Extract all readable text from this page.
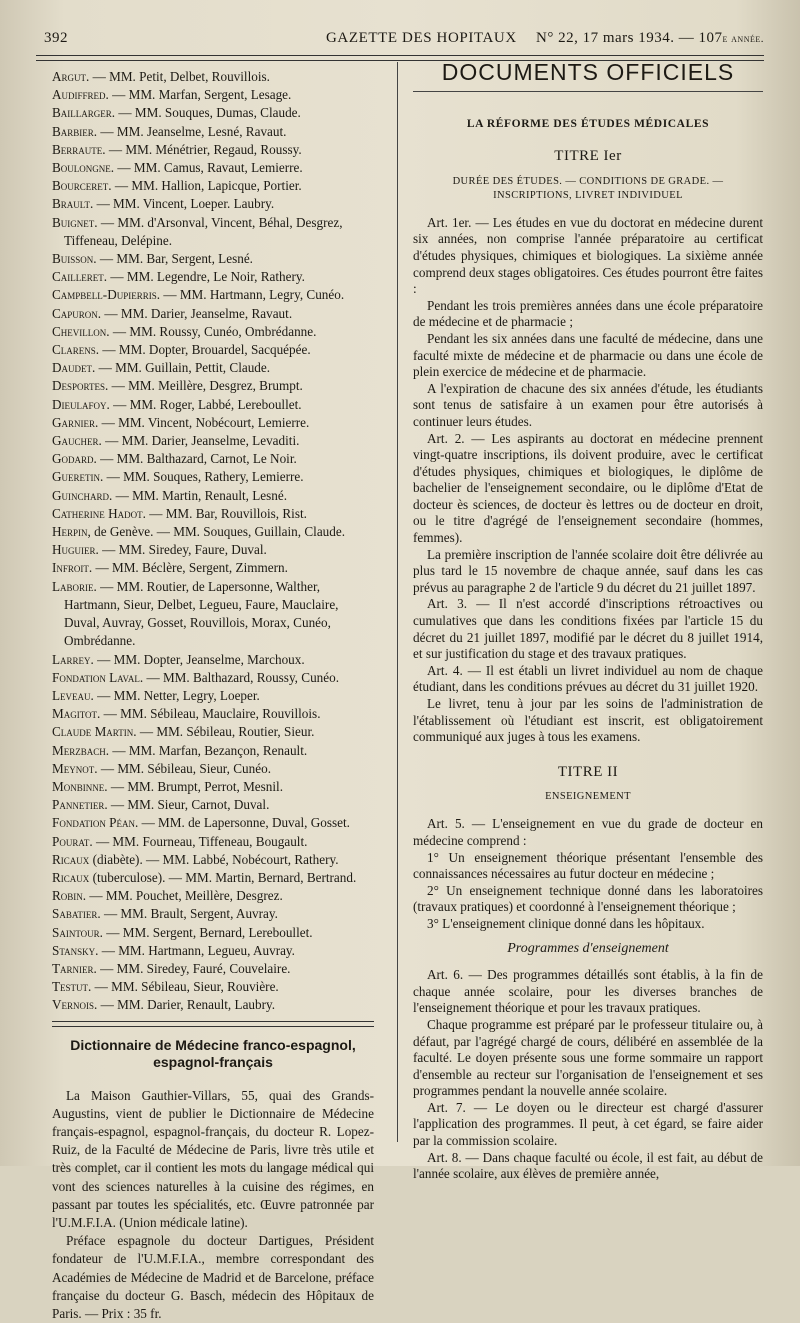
392	GAZETTE DES HOPITAUX N° 22, 17 mars 1934. — 107e année.

Argut. — MM. Petit, Delbet, Rouvillois.

Audiffred. — MM. Marfan, Sergent, Lesage.

Baillarger. — MM. Souques, Dumas, Claude.

Barbier. — MM. Jeanselme, Lesné, Ravaut.

Berraute. — MM. Ménétrier, Regaud, Roussy.

Boulongne. — MM. Camus, Ravaut, Lemierre.

Bourceret. — MM. Hallion, Lapicque, Portier.

Brault. — MM. Vincent, Loeper. Laubry.

Buignet. — MM. d'Arsonval, Vincent, Béhal, Desgrez, Tiffeneau, Delépine.

Buisson. — MM. Bar, Sergent, Lesné.

Cailleret. — MM. Legendre, Le Noir, Rathery.

Campbell-Dupierris. — MM. Hartmann, Legry, Cunéo.

Capuron. — MM. Darier, Jeanselme, Ravaut.

Chevillon. — MM. Roussy, Cunéo, Ombrédanne.

Clarens. — MM. Dopter, Brouardel, Sacquépée.

Daudet. — MM. Guillain, Pettit, Claude.

Desportes. — MM. Meillère, Desgrez, Brumpt.

Dieulafoy. — MM. Roger, Labbé, Lereboullet.

Garnier. — MM. Vincent, Nobécourt, Lemierre.

Gaucher. — MM. Darier, Jeanselme, Levaditi.

Godard. — MM. Balthazard, Carnot, Le Noir.

Gueretin. — MM. Souques, Rathery, Lemierre.

Guinchard. — MM. Martin, Renault, Lesné.

Catherine Hadot. — MM. Bar, Rouvillois, Rist.

Herpin, de Genève. — MM. Souques, Guillain, Claude.

Huguier. — MM. Siredey, Faure, Duval.

Infroit. — MM. Béclère, Sergent, Zimmern.

Laborie. — MM. Routier, de Lapersonne, Walther, Hartmann, Sieur, Delbet, Legueu, Faure, Mauclaire, Duval, Auvray, Gosset, Rouvillois, Morax, Cunéo, Ombrédanne.

Larrey. — MM. Dopter, Jeanselme, Marchoux.

Fondation Laval. — MM. Balthazard, Roussy, Cunéo.

Leveau. — MM. Netter, Legry, Loeper.

Magitot. — MM. Sébileau, Mauclaire, Rouvillois.

Claude Martin. — MM. Sébileau, Routier, Sieur.

Merzbach. — MM. Marfan, Bezançon, Renault.

Meynot. — MM. Sébileau, Sieur, Cunéo.

Monbinne. — MM. Brumpt, Perrot, Mesnil.

Pannetier. — MM. Sieur, Carnot, Duval.

Fondation Péan. — MM. de Lapersonne, Duval, Gosset.

Pourat. — MM. Fourneau, Tiffeneau, Bougault.

Ricaux (diabète). — MM. Labbé, Nobécourt, Rathery.

Ricaux (tuberculose). — MM. Martin, Bernard, Bertrand.

Robin. — MM. Pouchet, Meillère, Desgrez.

Sabatier. — MM. Brault, Sergent, Auvray.

Saintour. — MM. Sergent, Bernard, Lereboullet.

Stansky. — MM. Hartmann, Legueu, Auvray.

Tarnier. — MM. Siredey, Fauré, Couvelaire.

Testut. — MM. Sébileau, Sieur, Rouvière.

Vernois. — MM. Darier, Renault, Laubry.

Dictionnaire de Médecine franco-espagnol, espagnol-français

La Maison Gauthier-Villars, 55, quai des Grands-Augustins, vient de publier le Dictionnaire de Médecine français-espagnol, espagnol-français, du docteur R. Lopez-Ruiz, de la Faculté de Médecine de Paris, livre très utile et très complet, car il contient les mots du langage médical qui vont des sciences naturelles à la cuisine des régimes, en passant par toutes les spécialités, etc. Œuvre patronnée par l'U.M.F.I.A. (Union médicale latine).

Préface espagnole du docteur Dartigues, Président fondateur de l'U.M.F.I.A., membre correspondant des Académies de Médecine de Madrid et de Barcelone, préface française du docteur G. Basch, médecin des Hôpitaux de Paris. — Prix : 35 fr.

DOCUMENTS OFFICIELS
LA RÉFORME DES ÉTUDES MÉDICALES
TITRE Ier
DURÉE DES ÉTUDES. — CONDITIONS DE GRADE. — INSCRIPTIONS, LIVRET INDIVIDUEL

Art. 1er. — Les études en vue du doctorat en médecine durent six années, non comprise l'année préparatoire au certificat d'études physiques, chimiques et biologiques. La sixième année comprend deux stages obligatoires. Ces études pourront être faites :

Pendant les trois premières années dans une école préparatoire de médecine et de pharmacie ;

Pendant les six années dans une faculté de médecine, dans une faculté mixte de médecine et de pharmacie ou dans une école de plein exercice de médecine et de pharmacie.

A l'expiration de chacune des six années d'étude, les étudiants sont tenus de satisfaire à un examen pour être autorisés à continuer leurs études.

Art. 2. — Les aspirants au doctorat en médecine prennent vingt-quatre inscriptions, ils doivent produire, avec le certificat d'études physiques, chimiques et biologiques, le diplôme de bachelier de l'enseignement secondaire, ou le diplôme d'Etat de docteur ès sciences, de docteur ès lettres ou de docteur en droit, ou le titre d'agrégé de l'enseignement secondaire (hommes, femmes).

La première inscription de l'année scolaire doit être délivrée au plus tard le 15 novembre de chaque année, sauf dans les cas prévus au paragraphe 2 de l'article 9 du décret du 21 juillet 1897.

Art. 3. — Il n'est accordé d'inscriptions rétroactives ou cumulatives que dans les conditions fixées par l'article 15 du décret du 21 juillet 1897, modifié par le décret du 8 juillet 1914, et sur justification du stage et des travaux pratiques.

Art. 4. — Il est établi un livret individuel au nom de chaque étudiant, dans les conditions prévues au décret du 31 juillet 1920.

Le livret, tenu à jour par les soins de l'administration de l'établissement où l'étudiant est inscrit, est obligatoirement communiqué aux juges à tous les examens.

TITRE II
ENSEIGNEMENT

Art. 5. — L'enseignement en vue du grade de docteur en médecine comprend :

1° Un enseignement théorique présentant l'ensemble des connaissances nécessaires au futur docteur en médecine ;

2° Un enseignement technique donné dans les laboratoires (travaux pratiques) et coordonné à l'enseignement théorique ;

3° L'enseignement clinique donné dans les hôpitaux.

Programmes d'enseignement

Art. 6. — Des programmes détaillés sont établis, à la fin de chaque année scolaire, pour les diverses branches de l'enseignement théorique et pour les travaux pratiques.

Chaque programme est préparé par le professeur titulaire ou, à défaut, par l'agrégé chargé de cours, délibéré en assemblée de la faculté. Le doyen présente sous une forme sommaire un rapport d'ensemble au recteur sur l'organisation de l'enseignement et ses programmes pendant la nouvelle année scolaire.

Art. 7. — Le doyen ou le directeur est chargé d'assurer l'application des programmes. Il peut, à cet égard, se faire aider par la commission scolaire.

Art. 8. — Dans chaque faculté ou école, il est fait, au début de l'année scolaire, aux élèves de première année,
